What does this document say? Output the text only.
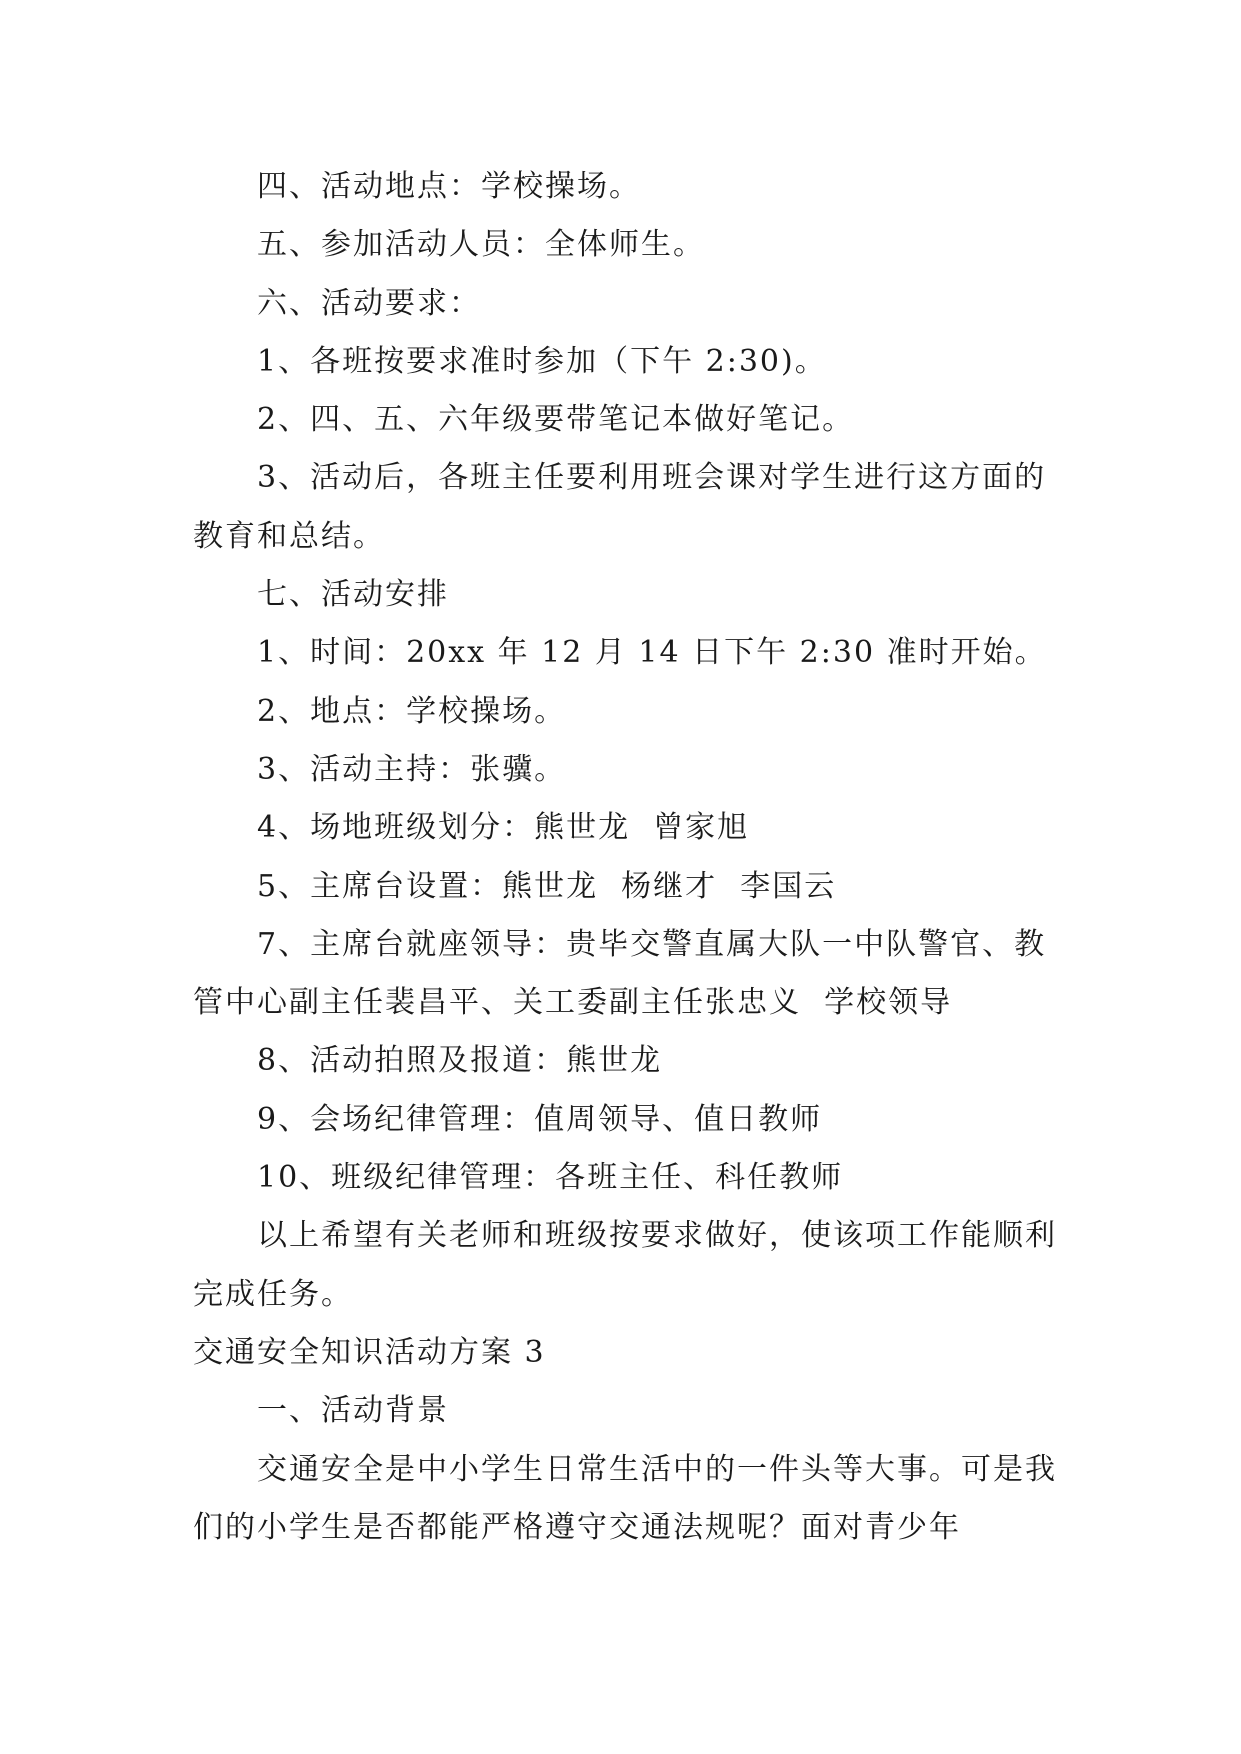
四、活动地点：学校操场。

五、参加活动人员：全体师生。

六、活动要求：

1、各班按要求准时参加（下午 2:30)。

2、四、五、六年级要带笔记本做好笔记。

3、活动后，各班主任要利用班会课对学生进行这方面的教育和总结。

七、活动安排

1、时间：20xx 年 12 月 14 日下午 2:30 准时开始。

2、地点：学校操场。

3、活动主持：张骥。

4、场地班级划分：熊世龙  曾家旭

5、主席台设置：熊世龙  杨继才  李国云

7、主席台就座领导：贵毕交警直属大队一中队警官、教管中心副主任裴昌平、关工委副主任张忠义  学校领导

8、活动拍照及报道：熊世龙

9、会场纪律管理：值周领导、值日教师

10、班级纪律管理：各班主任、科任教师

以上希望有关老师和班级按要求做好，使该项工作能顺利完成任务。

交通安全知识活动方案 3

一、活动背景

交通安全是中小学生日常生活中的一件头等大事。可是我们的小学生是否都能严格遵守交通法规呢？面对青少年
